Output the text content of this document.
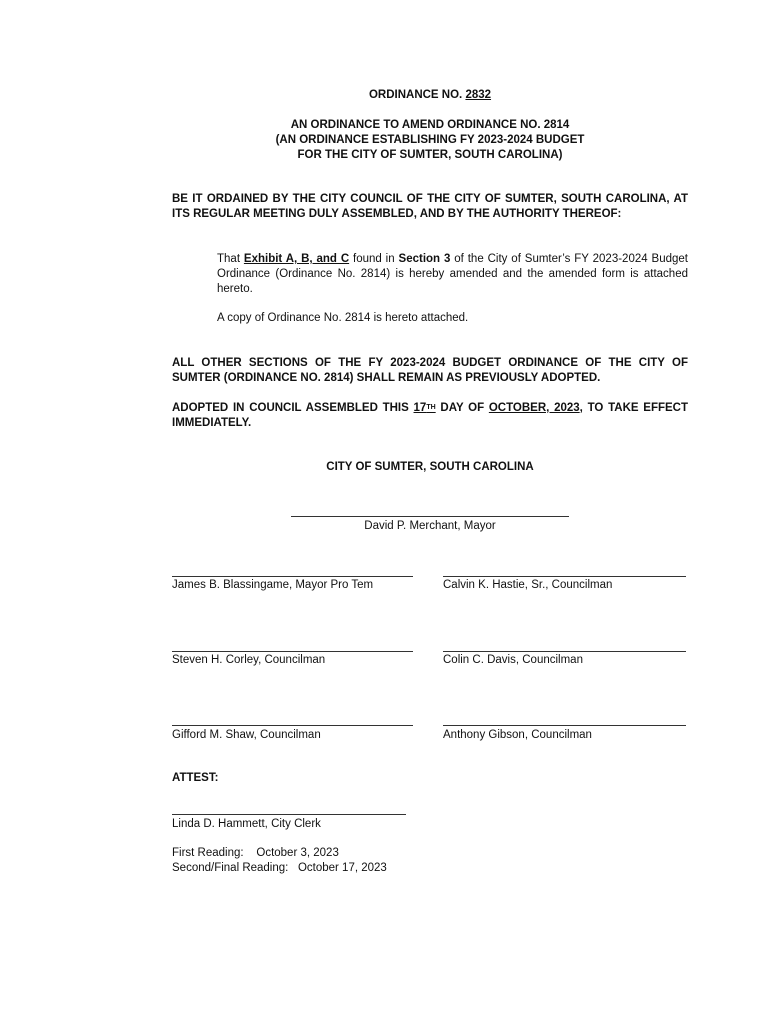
ORDINANCE NO. 2832
AN ORDINANCE TO AMEND ORDINANCE NO. 2814
(AN ORDINANCE ESTABLISHING FY 2023-2024 BUDGET
FOR THE CITY OF SUMTER, SOUTH CAROLINA)

BE IT ORDAINED BY THE CITY COUNCIL OF THE CITY OF SUMTER, SOUTH CAROLINA, AT ITS REGULAR MEETING DULY ASSEMBLED, AND BY THE AUTHORITY THEREOF:

That Exhibit A, B, and C found in Section 3 of the City of Sumter’s FY 2023-2024 Budget Ordinance (Ordinance No. 2814) is hereby amended and the amended form is attached hereto.

A copy of Ordinance No. 2814 is hereto attached.

ALL OTHER SECTIONS OF THE FY 2023-2024 BUDGET ORDINANCE OF THE CITY OF SUMTER (ORDINANCE NO. 2814) SHALL REMAIN AS PREVIOUSLY ADOPTED.

ADOPTED IN COUNCIL ASSEMBLED THIS 17TH DAY OF OCTOBER, 2023, TO TAKE EFFECT IMMEDIATELY.

CITY OF SUMTER, SOUTH CAROLINA
David P. Merchant, Mayor
James B. Blassingame, Mayor Pro Tem	Calvin K. Hastie, Sr., Councilman
Steven H. Corley, Councilman	Colin C. Davis, Councilman
Gifford M. Shaw, Councilman	Anthony Gibson, Councilman
ATTEST:
Linda D. Hammett, City Clerk
First Reading: October 3, 2023
Second/Final Reading: October 17, 2023
